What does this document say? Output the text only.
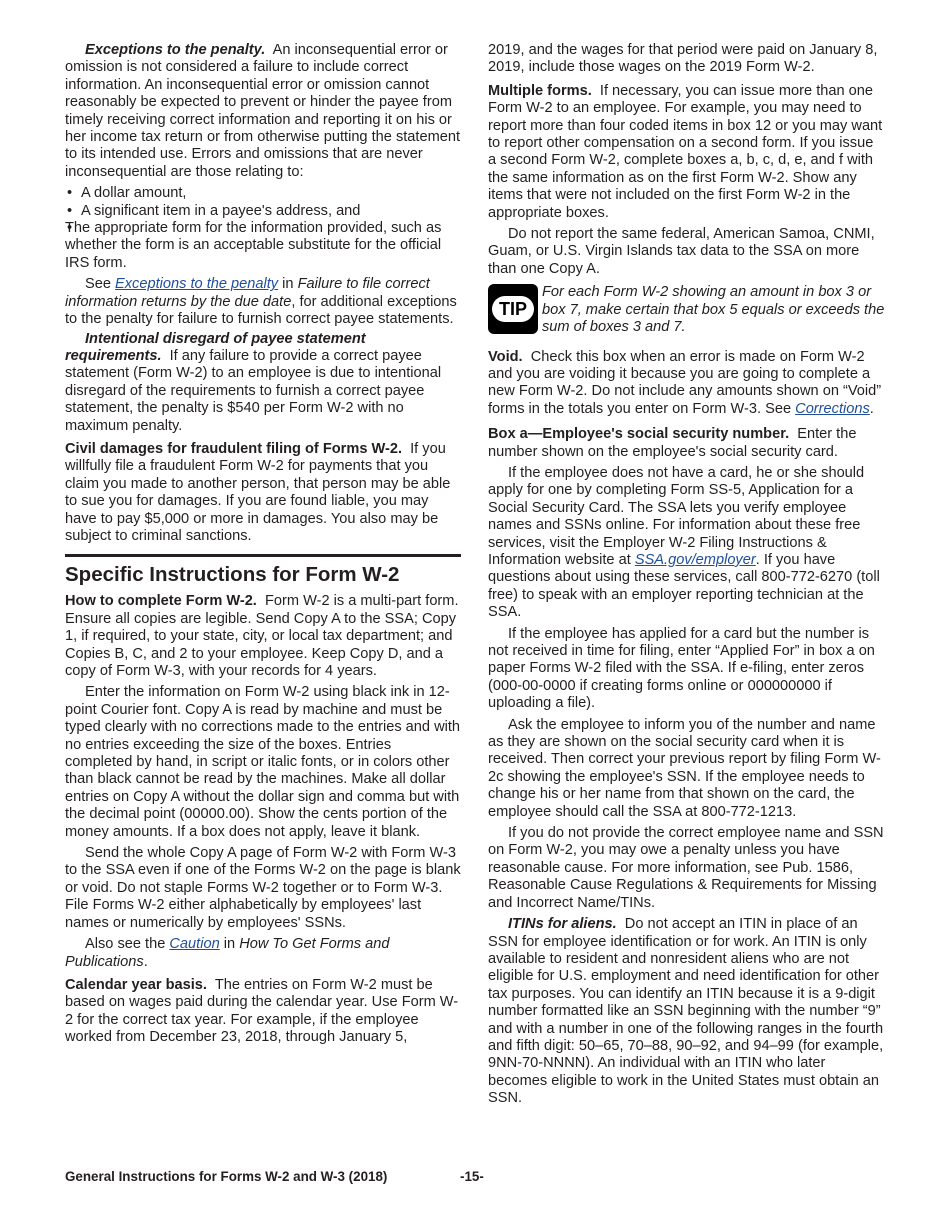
Exceptions to the penalty. An inconsequential error or omission is not considered a failure to include correct information. An inconsequential error or omission cannot reasonably be expected to prevent or hinder the payee from timely receiving correct information and reporting it on his or her income tax return or from otherwise putting the statement to its intended use. Errors and omissions that are never inconsequential are those relating to:

• A dollar amount,
• A significant item in a payee's address, and
• The appropriate form for the information provided, such as whether the form is an acceptable substitute for the official IRS form.

See Exceptions to the penalty in Failure to file correct information returns by the due date, for additional exceptions to the penalty for failure to furnish correct payee statements.

Intentional disregard of payee statement requirements. If any failure to provide a correct payee statement (Form W-2) to an employee is due to intentional disregard of the requirements to furnish a correct payee statement, the penalty is $540 per Form W-2 with no maximum penalty.

Civil damages for fraudulent filing of Forms W-2. If you willfully file a fraudulent Form W-2 for payments that you claim you made to another person, that person may be able to sue you for damages. If you are found liable, you may have to pay $5,000 or more in damages. You also may be subject to criminal sanctions.

Specific Instructions for Form W-2

How to complete Form W-2. Form W-2 is a multi-part form. Ensure all copies are legible. Send Copy A to the SSA; Copy 1, if required, to your state, city, or local tax department; and Copies B, C, and 2 to your employee. Keep Copy D, and a copy of Form W-3, with your records for 4 years.

Enter the information on Form W-2 using black ink in 12-point Courier font. Copy A is read by machine and must be typed clearly with no corrections made to the entries and with no entries exceeding the size of the boxes. Entries completed by hand, in script or italic fonts, or in colors other than black cannot be read by the machines. Make all dollar entries on Copy A without the dollar sign and comma but with the decimal point (00000.00). Show the cents portion of the money amounts. If a box does not apply, leave it blank.

Send the whole Copy A page of Form W-2 with Form W-3 to the SSA even if one of the Forms W-2 on the page is blank or void. Do not staple Forms W-2 together or to Form W-3. File Forms W-2 either alphabetically by employees' last names or numerically by employees' SSNs.

Also see the Caution in How To Get Forms and Publications.

Calendar year basis. The entries on Form W-2 must be based on wages paid during the calendar year. Use Form W-2 for the correct tax year. For example, if the employee worked from December 23, 2018, through January 5,

2019, and the wages for that period were paid on January 8, 2019, include those wages on the 2019 Form W-2.

Multiple forms. If necessary, you can issue more than one Form W-2 to an employee. For example, you may need to report more than four coded items in box 12 or you may want to report other compensation on a second form. If you issue a second Form W-2, complete boxes a, b, c, d, e, and f with the same information as on the first Form W-2. Show any items that were not included on the first Form W-2 in the appropriate boxes.

Do not report the same federal, American Samoa, CNMI, Guam, or U.S. Virgin Islands tax data to the SSA on more than one Copy A.

TIP
For each Form W-2 showing an amount in box 3 or box 7, make certain that box 5 equals or exceeds the sum of boxes 3 and 7.

Void. Check this box when an error is made on Form W-2 and you are voiding it because you are going to complete a new Form W-2. Do not include any amounts shown on “Void” forms in the totals you enter on Form W-3. See Corrections.

Box a—Employee's social security number. Enter the number shown on the employee's social security card.

If the employee does not have a card, he or she should apply for one by completing Form SS-5, Application for a Social Security Card. The SSA lets you verify employee names and SSNs online. For information about these free services, visit the Employer W-2 Filing Instructions & Information website at SSA.gov/employer. If you have questions about using these services, call 800-772-6270 (toll free) to speak with an employer reporting technician at the SSA.

If the employee has applied for a card but the number is not received in time for filing, enter “Applied For” in box a on paper Forms W-2 filed with the SSA. If e-filing, enter zeros (000-00-0000 if creating forms online or 000000000 if uploading a file).

Ask the employee to inform you of the number and name as they are shown on the social security card when it is received. Then correct your previous report by filing Form W-2c showing the employee's SSN. If the employee needs to change his or her name from that shown on the card, the employee should call the SSA at 800-772-1213.

If you do not provide the correct employee name and SSN on Form W-2, you may owe a penalty unless you have reasonable cause. For more information, see Pub. 1586, Reasonable Cause Regulations & Requirements for Missing and Incorrect Name/TINs.

ITINs for aliens. Do not accept an ITIN in place of an SSN for employee identification or for work. An ITIN is only available to resident and nonresident aliens who are not eligible for U.S. employment and need identification for other tax purposes. You can identify an ITIN because it is a 9-digit number formatted like an SSN beginning with the number “9” and with a number in one of the following ranges in the fourth and fifth digit: 50–65, 70–88, 90–92, and 94–99 (for example, 9NN-70-NNNN). An individual with an ITIN who later becomes eligible to work in the United States must obtain an SSN.

General Instructions for Forms W-2 and W-3 (2018)	-15-
